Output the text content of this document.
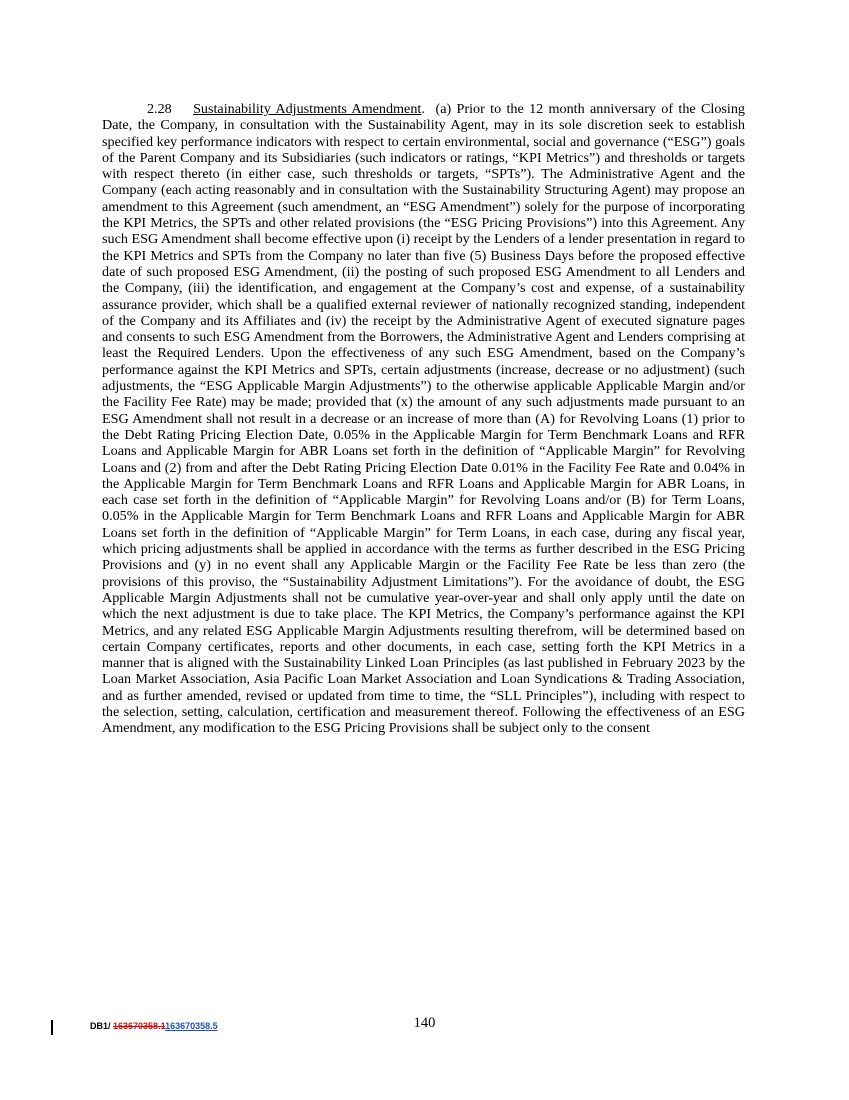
2.28 Sustainability Adjustments Amendment. (a) Prior to the 12 month anniversary of the Closing Date, the Company, in consultation with the Sustainability Agent, may in its sole discretion seek to establish specified key performance indicators with respect to certain environmental, social and governance (“ESG”) goals of the Parent Company and its Subsidiaries (such indicators or ratings, “KPI Metrics”) and thresholds or targets with respect thereto (in either case, such thresholds or targets, “SPTs”). The Administrative Agent and the Company (each acting reasonably and in consultation with the Sustainability Structuring Agent) may propose an amendment to this Agreement (such amendment, an “ESG Amendment”) solely for the purpose of incorporating the KPI Metrics, the SPTs and other related provisions (the “ESG Pricing Provisions”) into this Agreement. Any such ESG Amendment shall become effective upon (i) receipt by the Lenders of a lender presentation in regard to the KPI Metrics and SPTs from the Company no later than five (5) Business Days before the proposed effective date of such proposed ESG Amendment, (ii) the posting of such proposed ESG Amendment to all Lenders and the Company, (iii) the identification, and engagement at the Company’s cost and expense, of a sustainability assurance provider, which shall be a qualified external reviewer of nationally recognized standing, independent of the Company and its Affiliates and (iv) the receipt by the Administrative Agent of executed signature pages and consents to such ESG Amendment from the Borrowers, the Administrative Agent and Lenders comprising at least the Required Lenders. Upon the effectiveness of any such ESG Amendment, based on the Company’s performance against the KPI Metrics and SPTs, certain adjustments (increase, decrease or no adjustment) (such adjustments, the “ESG Applicable Margin Adjustments”) to the otherwise applicable Applicable Margin and/or the Facility Fee Rate) may be made; provided that (x) the amount of any such adjustments made pursuant to an ESG Amendment shall not result in a decrease or an increase of more than (A) for Revolving Loans (1) prior to the Debt Rating Pricing Election Date, 0.05% in the Applicable Margin for Term Benchmark Loans and RFR Loans and Applicable Margin for ABR Loans set forth in the definition of “Applicable Margin” for Revolving Loans and (2) from and after the Debt Rating Pricing Election Date 0.01% in the Facility Fee Rate and 0.04% in the Applicable Margin for Term Benchmark Loans and RFR Loans and Applicable Margin for ABR Loans, in each case set forth in the definition of “Applicable Margin” for Revolving Loans and/or (B) for Term Loans, 0.05% in the Applicable Margin for Term Benchmark Loans and RFR Loans and Applicable Margin for ABR Loans set forth in the definition of “Applicable Margin” for Term Loans, in each case, during any fiscal year, which pricing adjustments shall be applied in accordance with the terms as further described in the ESG Pricing Provisions and (y) in no event shall any Applicable Margin or the Facility Fee Rate be less than zero (the provisions of this proviso, the “Sustainability Adjustment Limitations”). For the avoidance of doubt, the ESG Applicable Margin Adjustments shall not be cumulative year-over-year and shall only apply until the date on which the next adjustment is due to take place. The KPI Metrics, the Company’s performance against the KPI Metrics, and any related ESG Applicable Margin Adjustments resulting therefrom, will be determined based on certain Company certificates, reports and other documents, in each case, setting forth the KPI Metrics in a manner that is aligned with the Sustainability Linked Loan Principles (as last published in February 2023 by the Loan Market Association, Asia Pacific Loan Market Association and Loan Syndications & Trading Association, and as further amended, revised or updated from time to time, the “SLL Principles”), including with respect to the selection, setting, calculation, certification and measurement thereof. Following the effectiveness of an ESG Amendment, any modification to the ESG Pricing Provisions shall be subject only to the consent

140
DB1/ 163670358.1163670358.5
